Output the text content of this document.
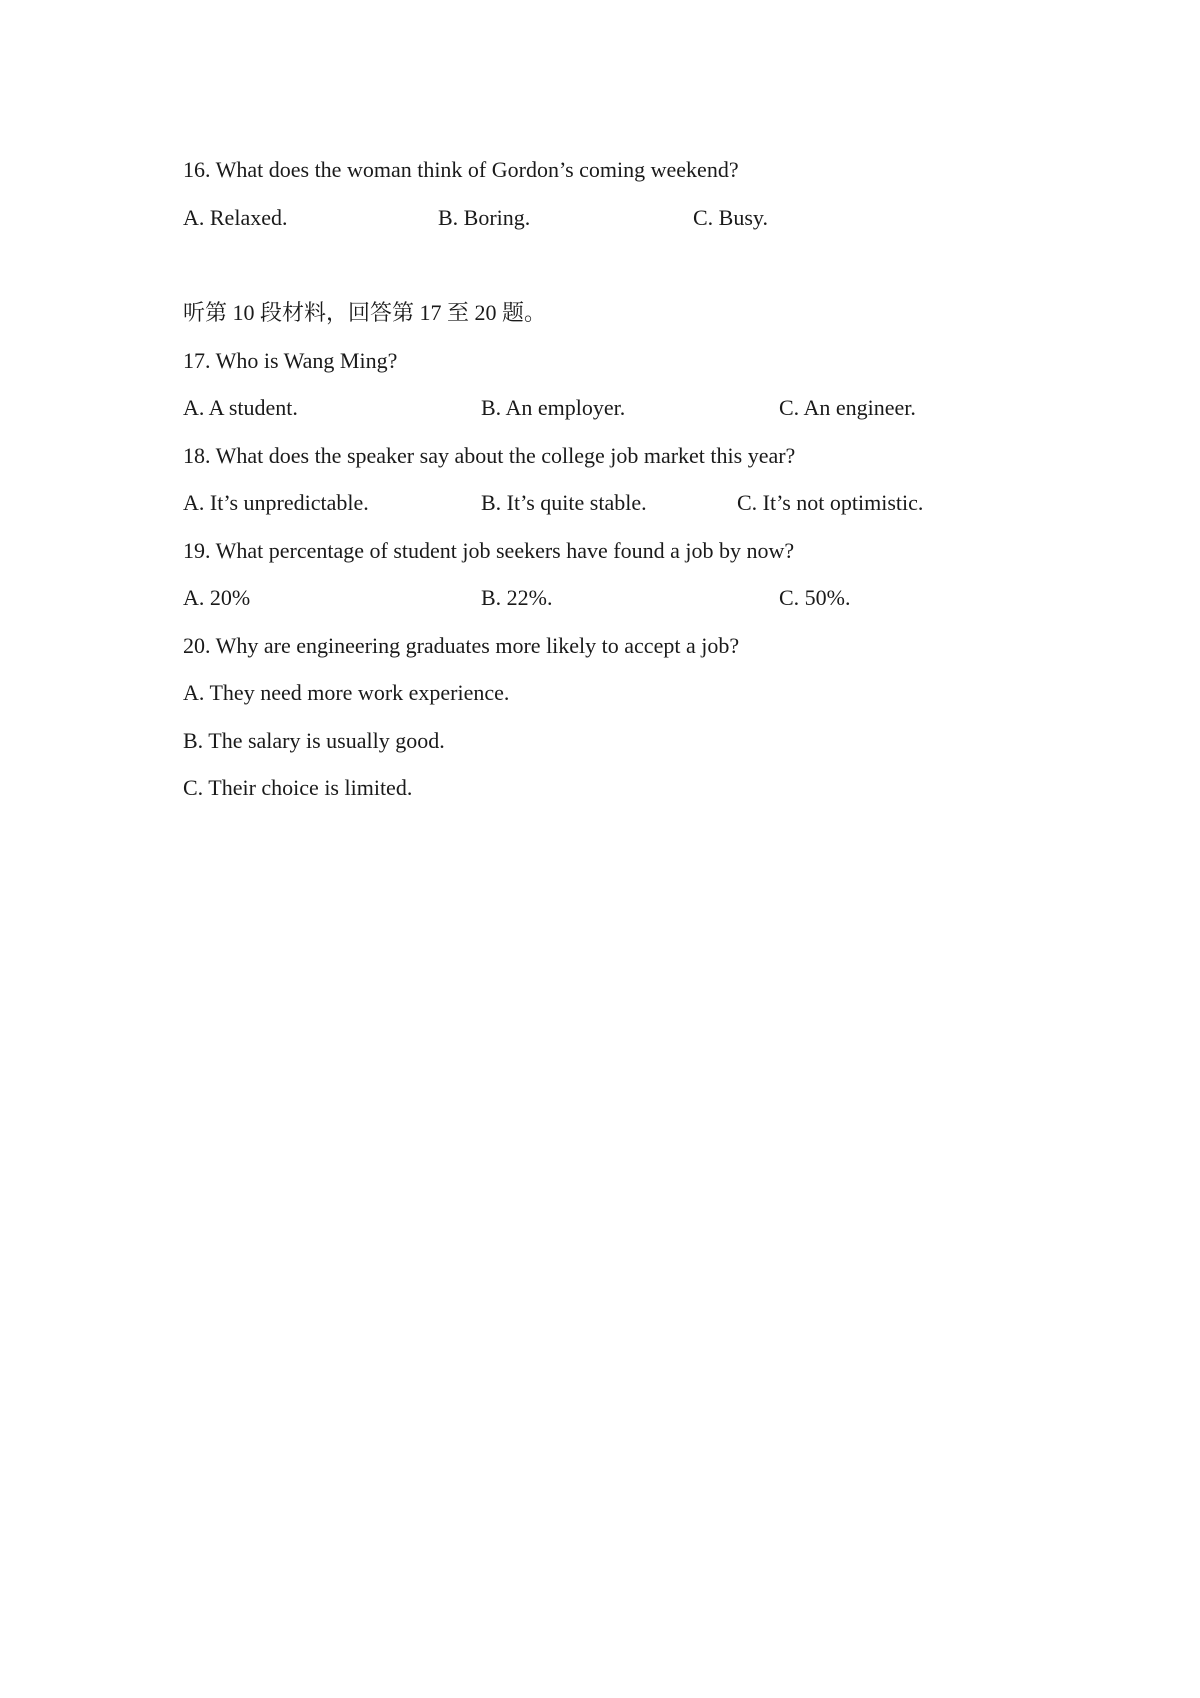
16. What does the woman think of Gordon’s coming weekend?
A. Relaxed.	B. Boring.	C. Busy.
听第 10 段材料，回答第 17 至 20 题。
17. Who is Wang Ming?
A. A student.	B. An employer.	C. An engineer.
18. What does the speaker say about the college job market this year?
A. It’s unpredictable.	B. It’s quite stable.	C. It’s not optimistic.
19. What percentage of student job seekers have found a job by now?
A. 20%	B. 22%.	C. 50%.
20. Why are engineering graduates more likely to accept a job?
A. They need more work experience.
B. The salary is usually good.
C. Their choice is limited.
